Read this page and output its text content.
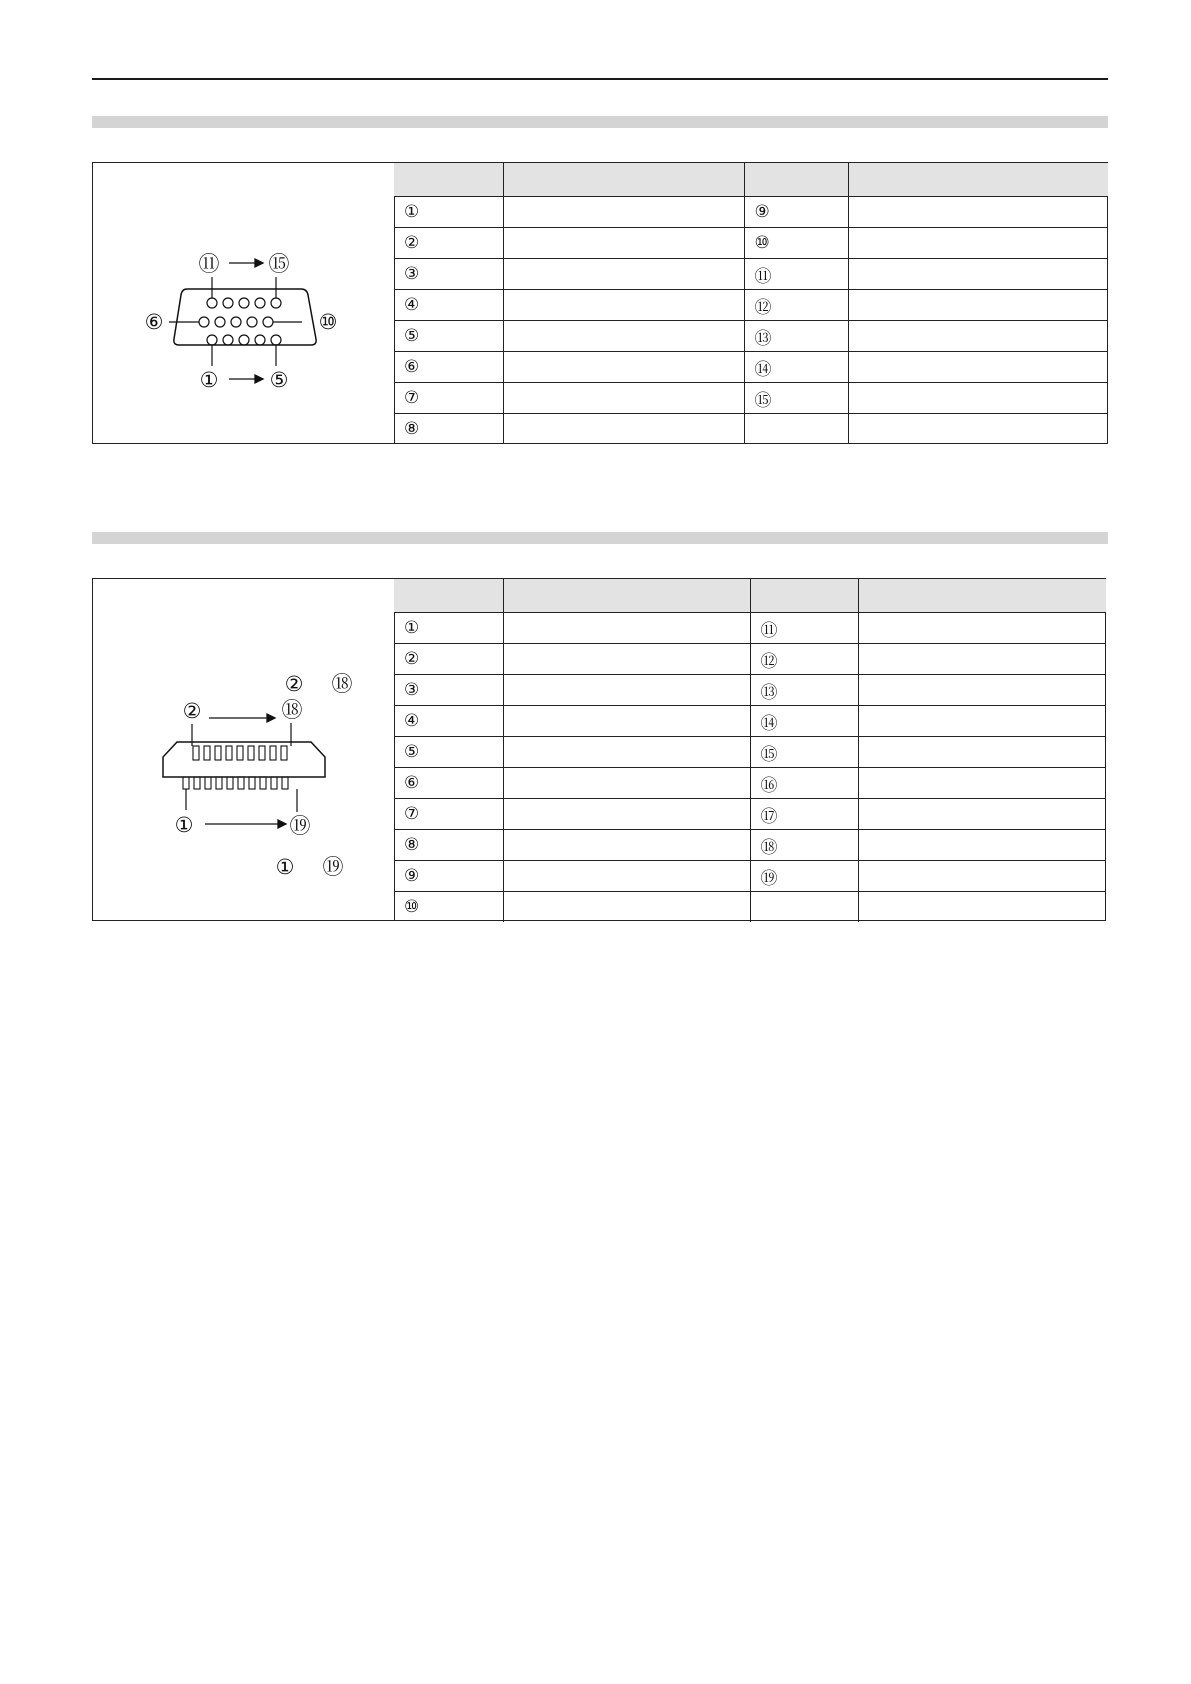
⑪ ⑮
⑥	⑩
① ⑤

①		⑨	
②		⑩	
③		⑪	
④		⑫	
⑤		⑬	
⑥		⑭	
⑦		⑮	
⑧			
② ⑱
②	⑱
①	⑲
① ⑲

①		⑪	
②		⑫	
③		⑬	
④		⑭	
⑤		⑮	
⑥		⑯	
⑦		⑰	
⑧		⑱	
⑨		⑲	
⑩			
